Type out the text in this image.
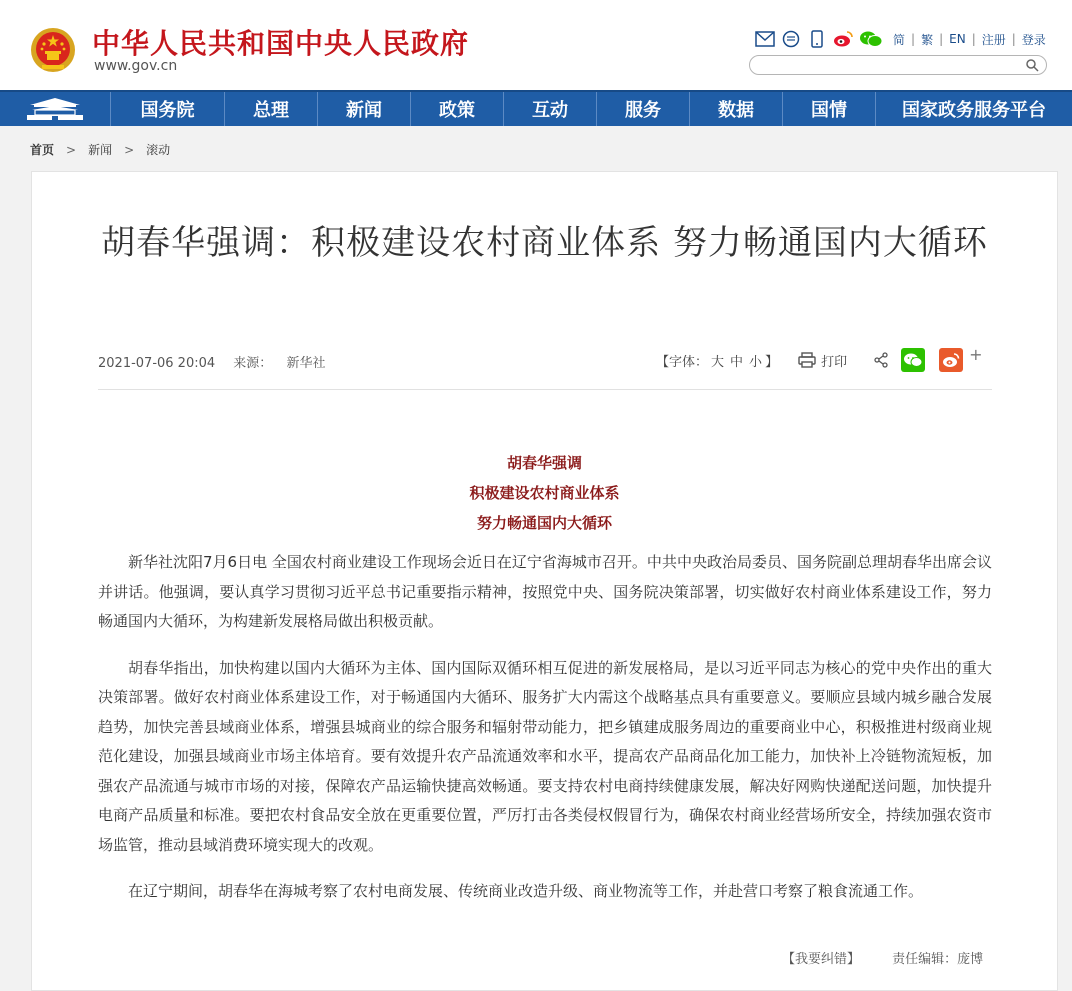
中华人民共和国中央人民政府
www.gov.cn
简 | 繁 | EN | 注册 | 登录
国务院	总理	新闻	政策	互动	服务	数据	国情	国家政务服务平台
首页 > 新闻 > 滚动
胡春华强调：积极建设农村商业体系 努力畅通国内大循环
2021-07-06 20:04 来源： 新华社	【字体： 大 中 小 】	打印	+
胡春华强调
积极建设农村商业体系
努力畅通国内大循环

新华社沈阳7月6日电 全国农村商业建设工作现场会近日在辽宁省海城市召开。中共中央政治局委员、国务院副总理胡春华出席会议并讲话。他强调，要认真学习贯彻习近平总书记重要指示精神，按照党中央、国务院决策部署，切实做好农村商业体系建设工作，努力畅通国内大循环，为构建新发展格局做出积极贡献。

胡春华指出，加快构建以国内大循环为主体、国内国际双循环相互促进的新发展格局，是以习近平同志为核心的党中央作出的重大决策部署。做好农村商业体系建设工作，对于畅通国内大循环、服务扩大内需这个战略基点具有重要意义。要顺应县域内城乡融合发展趋势，加快完善县域商业体系，增强县城商业的综合服务和辐射带动能力，把乡镇建成服务周边的重要商业中心，积极推进村级商业规范化建设，加强县域商业市场主体培育。要有效提升农产品流通效率和水平，提高农产品商品化加工能力，加快补上冷链物流短板，加强农产品流通与城市市场的对接，保障农产品运输快捷高效畅通。要支持农村电商持续健康发展，解决好网购快递配送问题，加快提升电商产品质量和标准。要把农村食品安全放在更重要位置，严厉打击各类侵权假冒行为，确保农村商业经营场所安全，持续加强农资市场监管，推动县域消费环境实现大的改观。

在辽宁期间，胡春华在海城考察了农村电商发展、传统商业改造升级、商业物流等工作，并赴营口考察了粮食流通工作。

【我要纠错】 责任编辑：庞博
